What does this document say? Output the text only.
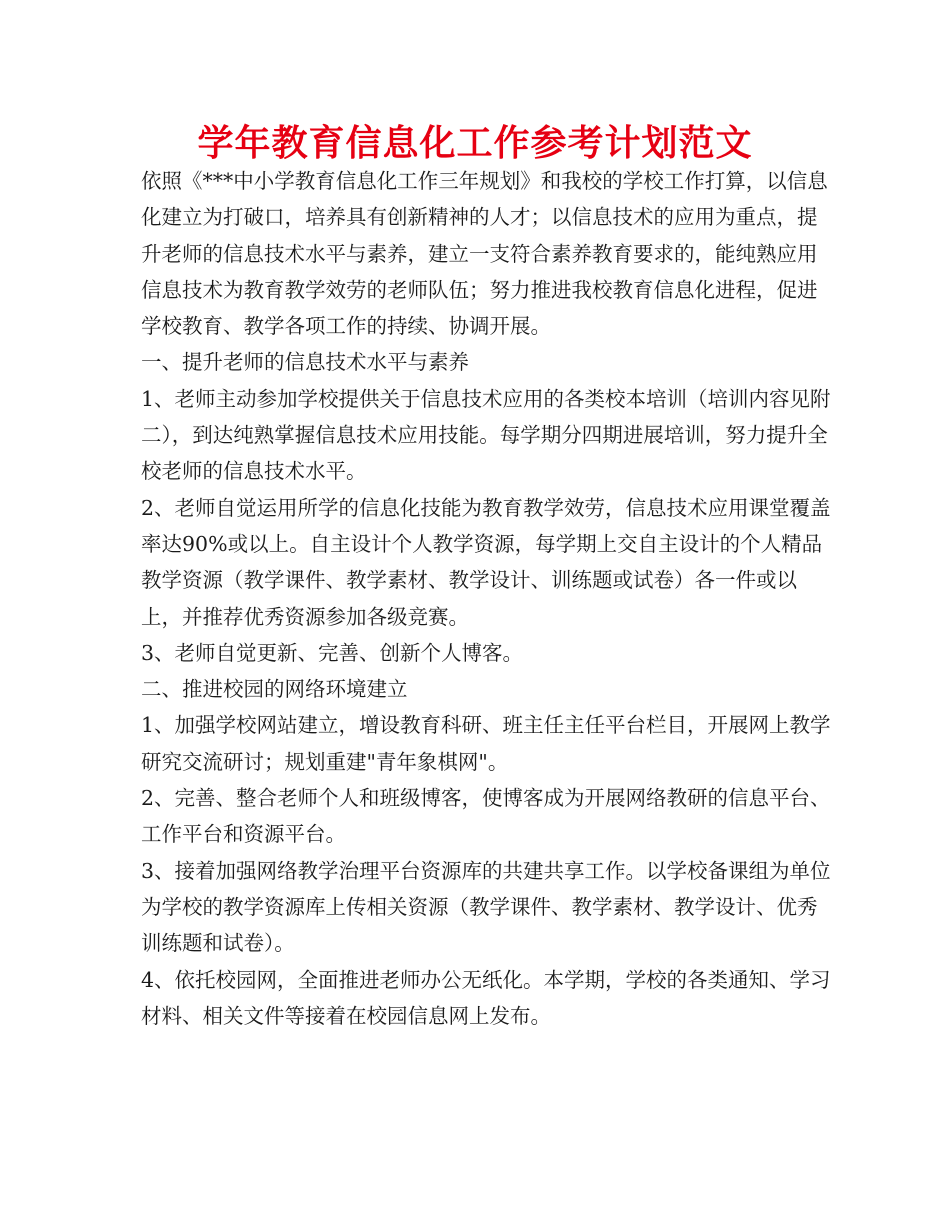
学年教育信息化工作参考计划范文

依照《***中小学教育信息化工作三年规划》和我校的学校工作打算，以信息化建立为打破口，培养具有创新精神的人才；以信息技术的应用为重点，提升老师的信息技术水平与素养，建立一支符合素养教育要求的，能纯熟应用信息技术为教育教学效劳的老师队伍；努力推进我校教育信息化进程，促进学校教育、教学各项工作的持续、协调开展。

一、提升老师的信息技术水平与素养

1、老师主动参加学校提供关于信息技术应用的各类校本培训（培训内容见附二），到达纯熟掌握信息技术应用技能。每学期分四期进展培训，努力提升全校老师的信息技术水平。

2、老师自觉运用所学的信息化技能为教育教学效劳，信息技术应用课堂覆盖率达90%或以上。自主设计个人教学资源，每学期上交自主设计的个人精品教学资源（教学课件、教学素材、教学设计、训练题或试卷）各一件或以上，并推荐优秀资源参加各级竞赛。

3、老师自觉更新、完善、创新个人博客。

二、推进校园的网络环境建立

1、加强学校网站建立，增设教育科研、班主任主任平台栏目，开展网上教学研究交流研讨；规划重建"青年象棋网"。

2、完善、整合老师个人和班级博客，使博客成为开展网络教研的信息平台、工作平台和资源平台。

3、接着加强网络教学治理平台资源库的共建共享工作。以学校备课组为单位为学校的教学资源库上传相关资源（教学课件、教学素材、教学设计、优秀训练题和试卷）。

4、依托校园网，全面推进老师办公无纸化。本学期，学校的各类通知、学习材料、相关文件等接着在校园信息网上发布。
